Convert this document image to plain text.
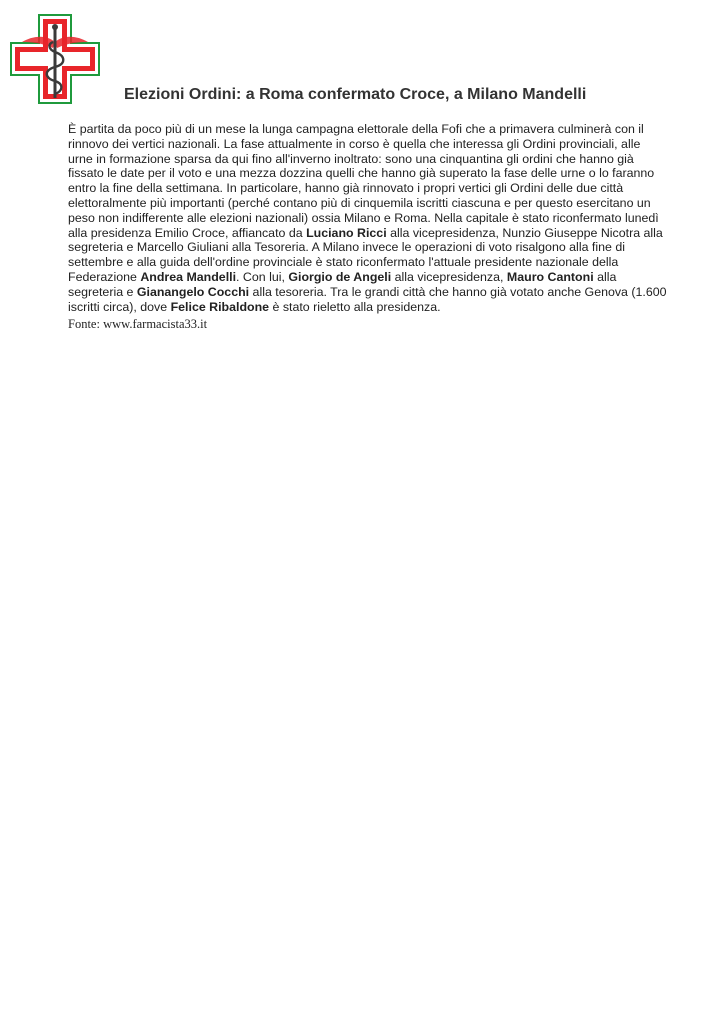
Elezioni Ordini: a Roma confermato Croce, a Milano Mandelli

È partita da poco più di un mese la lunga campagna elettorale della Fofi che a primavera culminerà con il rinnovo dei vertici nazionali. La fase attualmente in corso è quella che interessa gli Ordini provinciali, alle urne in formazione sparsa da qui fino all'inverno inoltrato: sono una cinquantina gli ordini che hanno già fissato le date per il voto e una mezza dozzina quelli che hanno già superato la fase delle urne o lo faranno entro la fine della settimana. In particolare, hanno già rinnovato i propri vertici gli Ordini delle due città elettoralmente più importanti (perché contano più di cinquemila iscritti ciascuna e per questo esercitano un peso non indifferente alle elezioni nazionali) ossia Milano e Roma. Nella capitale è stato riconfermato lunedì alla presidenza Emilio Croce, affiancato da Luciano Ricci alla vicepresidenza, Nunzio Giuseppe Nicotra alla segreteria e Marcello Giuliani alla Tesoreria. A Milano invece le operazioni di voto risalgono alla fine di settembre e alla guida dell'ordine provinciale è stato riconfermato l'attuale presidente nazionale della Federazione Andrea Mandelli. Con lui, Giorgio de Angeli alla vicepresidenza, Mauro Cantoni alla segreteria e Gianangelo Cocchi alla tesoreria. Tra le grandi città che hanno già votato anche Genova (1.600 iscritti circa), dove Felice Ribaldone è stato rieletto alla presidenza.

Fonte: www.farmacista33.it
